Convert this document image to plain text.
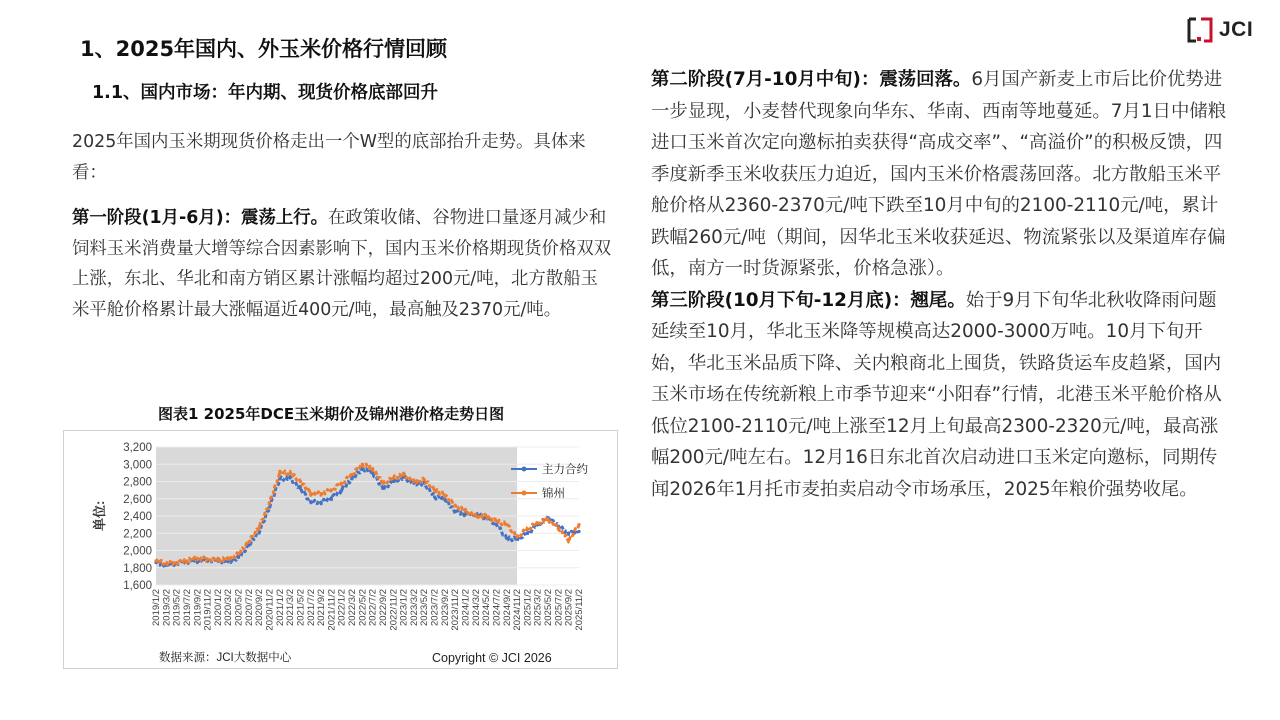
1、2025年国内、外玉米价格行情回顾
1.1、国内市场：年内期、现货价格底部回升
JCI

2025年国内玉米期现货价格走出一个W型的底部抬升走势。具体来看：

第一阶段(1月-6月)：震荡上行。在政策收储、谷物进口量逐月减少和饲料玉米消费量大增等综合因素影响下，国内玉米价格期现货价格双双上涨，东北、华北和南方销区累计涨幅均超过200元/吨，北方散船玉米平舱价格累计最大涨幅逼近400元/吨，最高触及2370元/吨。

图表1 2025年DCE玉米期价及锦州港价格走势日图
1,600
1,800
2,000
2,200
2,400
2,600
2,800
3,000
3,200
2019/1/2 2019/3/2 2019/5/2 2019/7/2 2019/9/2 2019/11/2 2020/1/2 2020/3/2 2020/5/2 2020/7/2 2020/9/2 2020/11/2 2021/1/2 2021/3/2 2021/5/2 2021/7/2 2021/9/2 2021/11/2 2022/1/2 2022/3/2 2022/5/2 2022/7/2 2022/9/2 2022/11/2 2023/1/2 2023/3/2 2023/5/2 2023/7/2 2023/9/2 2023/11/2 2024/1/2 2024/3/2 2024/5/2 2024/7/2 2024/9/2 2024/11/2 2025/1/2 2025/3/2 2025/5/2 2025/7/2 2025/9/2 2025/11/2
单位:
主力合约
锦州
数据来源：JCI大数据中心	Copyright © JCI 2026

第二阶段(7月-10月中旬)：震荡回落。6月国产新麦上市后比价优势进一步显现，小麦替代现象向华东、华南、西南等地蔓延。7月1日中储粮进口玉米首次定向邀标拍卖获得“高成交率”、“高溢价”的积极反馈，四季度新季玉米收获压力迫近，国内玉米价格震荡回落。北方散船玉米平舱价格从2360-2370元/吨下跌至10月中旬的2100-2110元/吨，累计跌幅260元/吨（期间，因华北玉米收获延迟、物流紧张以及渠道库存偏低，南方一时货源紧张，价格急涨）。

第三阶段(10月下旬-12月底)：翘尾。始于9月下旬华北秋收降雨问题延续至10月，华北玉米降等规模高达2000-3000万吨。10月下旬开始，华北玉米品质下降、关内粮商北上囤货，铁路货运车皮趋紧，国内玉米市场在传统新粮上市季节迎来“小阳春”行情，北港玉米平舱价格从低位2100-2110元/吨上涨至12月上旬最高2300-2320元/吨，最高涨幅200元/吨左右。12月16日东北首次启动进口玉米定向邀标，同期传闻2026年1月托市麦拍卖启动令市场承压，2025年粮价强势收尾。
